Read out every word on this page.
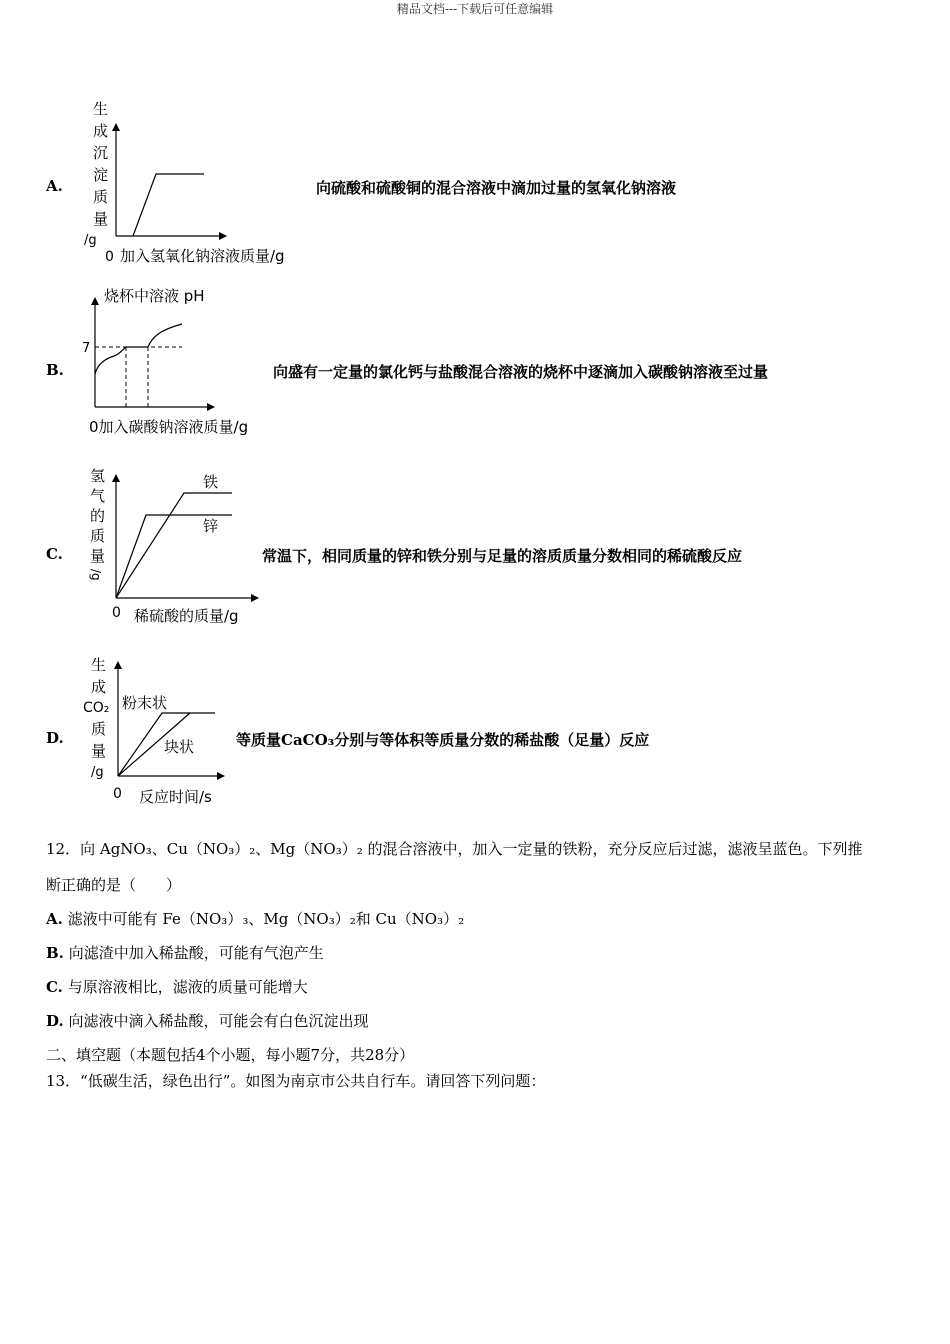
精品文档---下载后可任意编辑
A.
生
成
沉
淀
质
量
/g
0 加入氢氧化钠溶液质量/g
向硫酸和硫酸铜的混合溶液中滴加过量的氢氧化钠溶液
B.
烧杯中溶液 pH
7
0加入碳酸钠溶液质量/g
向盛有一定量的氯化钙与盐酸混合溶液的烧杯中逐滴加入碳酸钠溶液至过量
C.
铁
锌
氢
气
的
质
量
/g
0 稀硫酸的质量/g
常温下，相同质量的锌和铁分别与足量的溶质质量分数相同的稀硫酸反应
D.
粉末状
块状
生
成
CO₂
质
量
/g
0 反应时间/s
等质量CaCO₃分别与等体积等质量分数的稀盐酸（足量）反应
12．向 AgNO₃、Cu（NO₃）₂、Mg（NO₃）₂ 的混合溶液中，加入一定量的铁粉，充分反应后过滤，滤液呈蓝色。下列推
断正确的是（　　）
A. 滤液中可能有 Fe（NO₃）₃、Mg（NO₃）₂和 Cu（NO₃）₂
B. 向滤渣中加入稀盐酸，可能有气泡产生
C. 与原溶液相比，滤液的质量可能增大
D. 向滤液中滴入稀盐酸，可能会有白色沉淀出现
二、填空题（本题包括4个小题，每小题7分，共28分）
13．“低碳生活，绿色出行”。如图为南京市公共自行车。请回答下列问题：
